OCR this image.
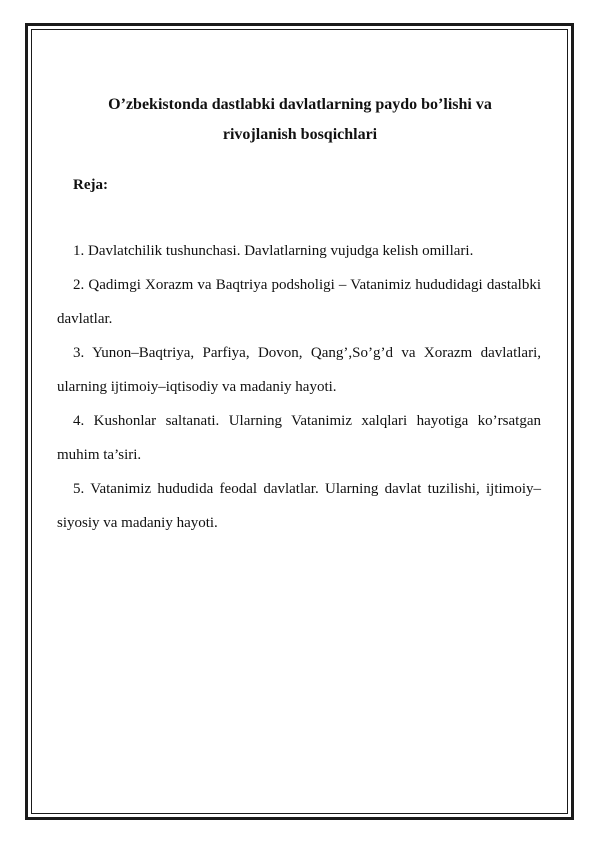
O’zbekistonda dastlabki davlatlarning paydo bo’lishi va
rivojlanish bosqichlari

Reja:

1. Davlatchilik tushunchasi. Davlatlarning vujudga kelish omillari.
2. Qadimgi Xorazm va Baqtriya podsholigi – Vatanimiz hududidagi dastalbki davlatlar.
3. Yunon–Baqtriya, Parfiya, Dovon, Qang’,So’g’d va Xorazm davlatlari, ularning ijtimoiy–iqtisodiy va madaniy hayoti.
4. Kushonlar saltanati. Ularning Vatanimiz xalqlari hayotiga ko’rsatgan muhim ta’siri.
5. Vatanimiz hududida feodal davlatlar. Ularning davlat tuzilishi, ijtimoiy–siyosiy va madaniy hayoti.
